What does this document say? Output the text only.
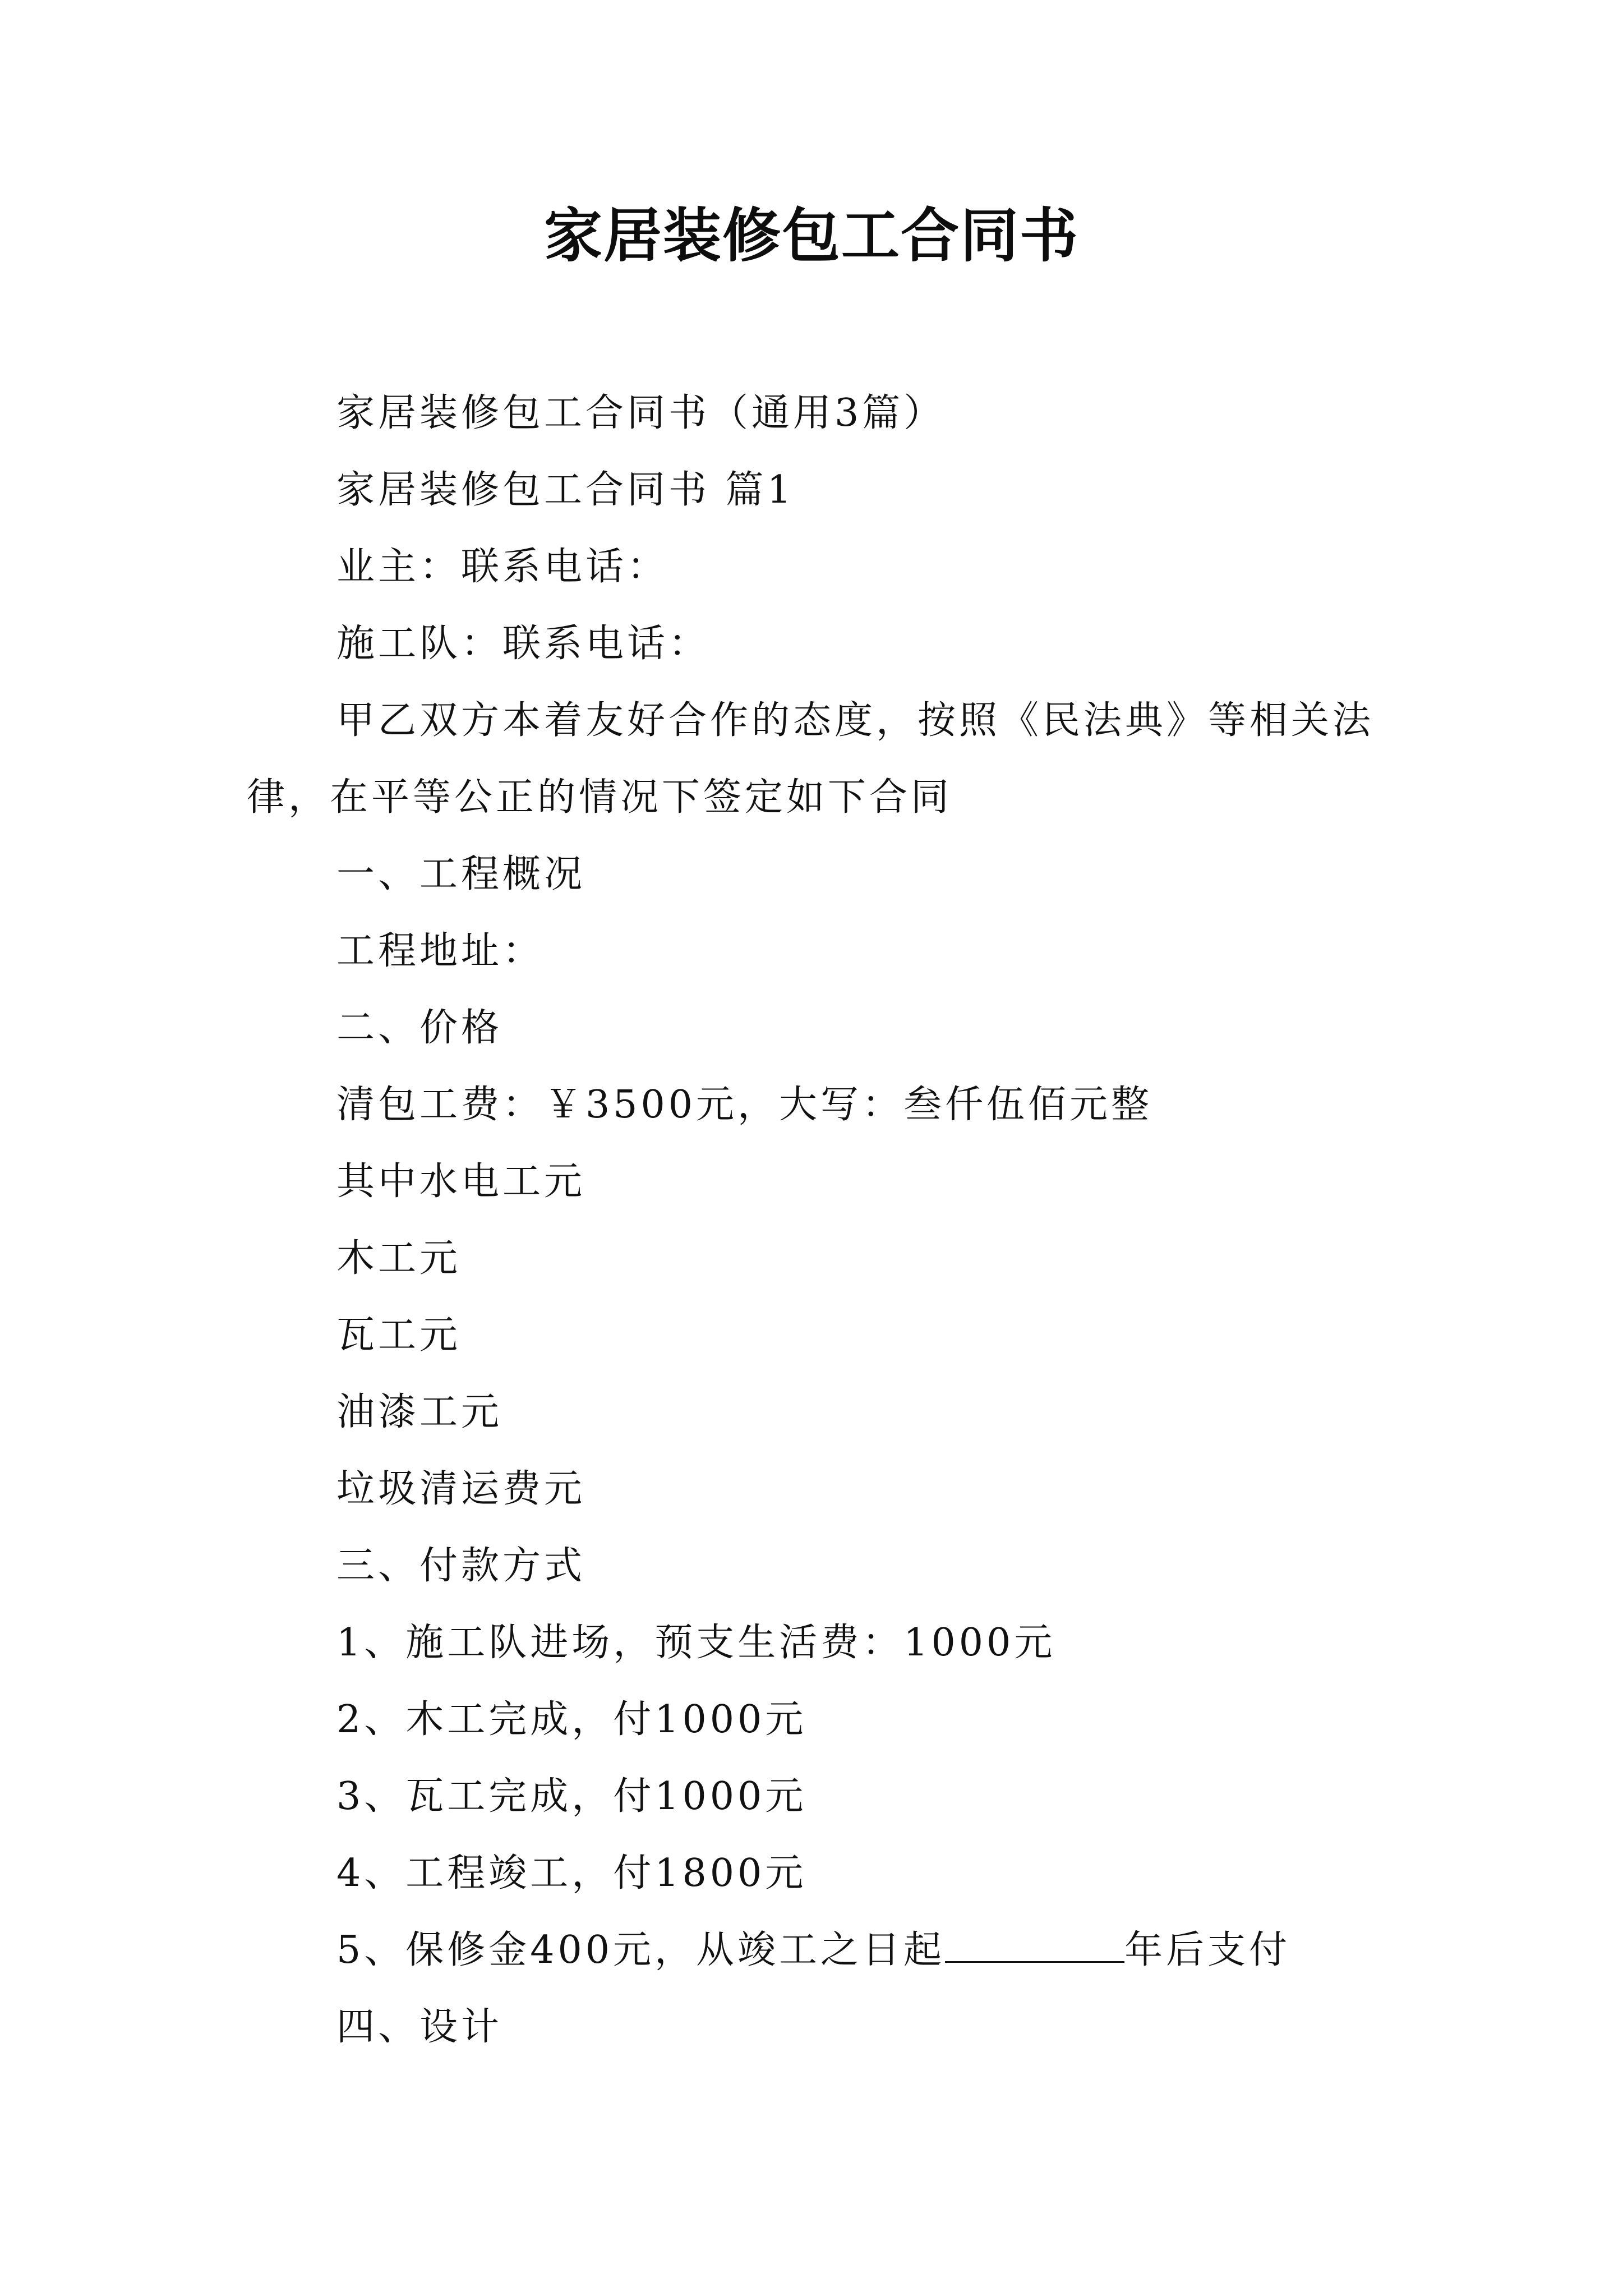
家居装修包工合同书

家居装修包工合同书（通用3篇）

家居装修包工合同书 篇1

业主：联系电话：

施工队：联系电话：

甲乙双方本着友好合作的态度，按照《民法典》等相关法律，在平等公正的情况下签定如下合同

一、工程概况

工程地址：

二、价格

清包工费：￥3500元，大写：叁仟伍佰元整

其中水电工元

木工元

瓦工元

油漆工元

垃圾清运费元

三、付款方式

1、施工队进场，预支生活费：1000元

2、木工完成，付1000元

3、瓦工完成，付1000元

4、工程竣工，付1800元

5、保修金400元，从竣工之日起	年后支付

四、设计
